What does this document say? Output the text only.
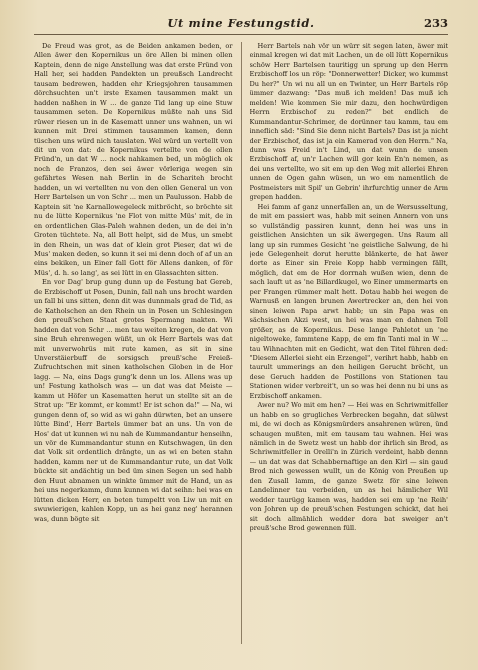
Ut mine Festungstid.	233

De Freud was grot, as de Beiden ankamen beden, or Allen äwer den Kopernikus un öre Allen bi minen ollen Kaptein, denn de nige Anstellung was dat erste Fründ von Hall her, sei hadden Pandekten un preußsch Landrecht tausam bedrewen, hadden ehr Kriegsjohren tausammen dörchsuchten un't irste Examen tausammen makt un hadden naßhen in W ... de ganze Tid lang up eine Stuw tausammen seten. De Kopernikus müßte nah uns Sid rüwer riesen un in de Kasematt unner uns wahnen, un wi kunnen mit Drei stimmen tausammen kamen, denn tüschen uns würd nich tauslaten. Wel würd un vertellt von dit un von dat: de Kopernikus vertellte von de ollen Fründ'n, un dat W ... nock nahkamen bed, un möglich ok noch de Franzos, den sei äwer vörleriga wegen sin gefährtes Wesen nah Berlin in de Schariteh brocht hadden, un wi vertellten nu von den ollen General un von Herr Bartelsen un von Schr ... men un Paulusson. Habb de Kaptein sit 'ne Karnallowegeleck mitbröcht, so bröchte sit nu de lütte Kopernikus 'ne Flot von mitte Müs' mit, de in en ordentlichen Glas-Paleh wahnen deden, un de dei in'n Groten tüchtete. Na, all Bott helpt, sid de Mus, un smebt in den Rhein, un was dat of klein grot Pieser, dat wi de Mus' maken deden, so kunn it sei mi denn doch of af un an eins bekiken, un Einer fall Gott för Allens danken, of för Müs', d. h. so lang', as sei lütt in en Glassachten sitten.

En vor Dag' brup gung dunn up de Festung bat Gereb, de Erzbischoff ut Posen, Dunin, fall nah uns brocht warden un fall bi uns sitten, denn dit was dunnmals grad de Tid, as de Katholschen an den Rhein un in Posen un Schlesingen den preuß'schen Staat grotes Spermang makten. Wi hadden dat von Schr ... men tau weiten kregen, de dat von sine Bruh ehrenwegen wüßt, un ok Herr Bartels was dat mit unverwohrüs mit rute kamen, as sit in sine Unverstäierbuff de sorsigsch preuß'sche Freieß-Zufruchtschen mit sinen katholschen Globen in de Hor lagg. — Na, eins Dags gung'k denn un los. Allens was up un! Festung katholsch was — un dat was dat Meiste — kamm ut Höfer un Kasematten herut un stellte sit an de Strat up: "Er kommt, er kommt! Er ist schon da!" — Na, wi gungen denn of, so wid as wi gahn dürwten, bet an unsere lütte Bind', Herr Bartels ümmer bat an uns. Un von de Hos' dat ut kunnen wi nu nah de Kummandantur henseihn, un vör de Kummandantur stunn en Kutschwagen, ün den dat Volk sit ordentlich drängte, un as wi en beten stahn hadden, kamm ner ut de Kummandantur rute, un dat Volk bückte sit andächtig un bed üm sinen Segen un sed habb den Huut abnamen un winkte ümmer mit de Hand, un as hei uns negerkamm, dunn kunnen wi dat seihn: hei was en lütten dicken Herr, en beten tumpeltt von Liw un mit en swuwierigen, kahlen Kopp, un as hei ganz neg' herannen was, dunn bögte sit

Herr Bartels nah vör un würr sit segen laten, äwer mit einmal kregen wi dat mit Lachen, un de oll lütt Kopernikus schöw Herr Bartelsen tauritigg un sprung up den Herrn Erzbischoff los un röp: "Donnerwetter! Dicker, wo kummst Du her?" Un wi nu all un en Twinter, un Herr Bartels röp ümmer dazwang: "Das muß ich melden! Das muß ich melden! Wie kommen Sie mir dazu, den hochwürdigen Herrn Erzbischof zu reden?" bet endlich de Kummandantur-Schrimer, de dorünner tau kamm, tau em inneflich säd: "Sind Sie denn nicht Bartels? Das ist ja nicht der Erzbischof, das ist ja ein Kamerad von den Herrn." Na, dunn was Freid in't Lind, un dat wunn de unsen Erzbischoff af, un'r Lachen will gor kein En'n nemen, as dei uns vertellte, wo sit em up den Weg mit allerlei Ehren unnen de Ogen gahn wüsen, un wo em namentlich de Postmeisters mit Spil' un Gebrin' ihrfurchtig unner de Arm grepen hadden.

Hei famm af ganz unnerfallen an, un de Wersusseltung, de mit em passiert was, habb mit seinen Annern von uns so vullständig passiren kunnt, denn hei was uns in geistlichen Ansichten un sik äwergegen. Uns Raum all lang up sin rummes Gesicht 'ne geistliche Salwung, de hi jede Gelegenheit dorut herutte blänkerte, de hat äwer dorte as Einer sin Freie Kopp habb vermingen fällt, möglich, dat em de Hor dorrnah wußen wien, denn de sach lauft ut as 'ne Billardkugel, wo Einer ummermarts en per Frangen rümmer malt hett. Dotau habb hei wegen de Warnusß en langen brunen Awertrecker an, den hei von sinen leiwen Papa arwt habb; un sin Papa was en sächsischen Akzi west, un hei was man en dahnen Toll größer, as de Kopernikus. Dese lange Pahletot un 'ne nigeltoweke, fammtene Kapp, de em fin Tanti mal in W ... tau Wihnachten mit en Gedicht, wat den Titel führen ded: "Diesem Allerlei sieht ein Erzengel", verihrt habb, habb en taurult ummerings an den heiligen Gerucht bröcht, un dese Geruch hadden de Postillons von Stationen tau Stationen wider verbreit't, un so was hei denn nu bi uns as Erzbischoff ankamen.

Awer nu? Wo mit em hen? — Hei was en Schriwmitfeller un habb en so grugliches Verbrecken begahn, dat sülwst mi, de wi doch as Königsmürders ansahrenen würen, ünd schaugen mußten, mit em tausam tau wahnen. Hei was nämlich in de Swetz west un habb dor ihrlich sin Brod, as Schriwmitfeller in Orelli'n in Zürich verdeint, habb dennn — un dat was dat Schabbernaftige an den Kirl — sin gaud Brod nich gewessen wullt, un de König von Preußen up den Zusall lamm, de ganze Swetz för sine leiwen Landelinner tau verbeiden, un as hei hämlicher Wil wedder taurügg kamen was, hadden sei em up 'ne Reih' von Johren up de preuß'schen Festungen schickt, dat hei sit doch allmählich wedder dora bat sweiger an't preuß'sche Brod gewennen füll.
